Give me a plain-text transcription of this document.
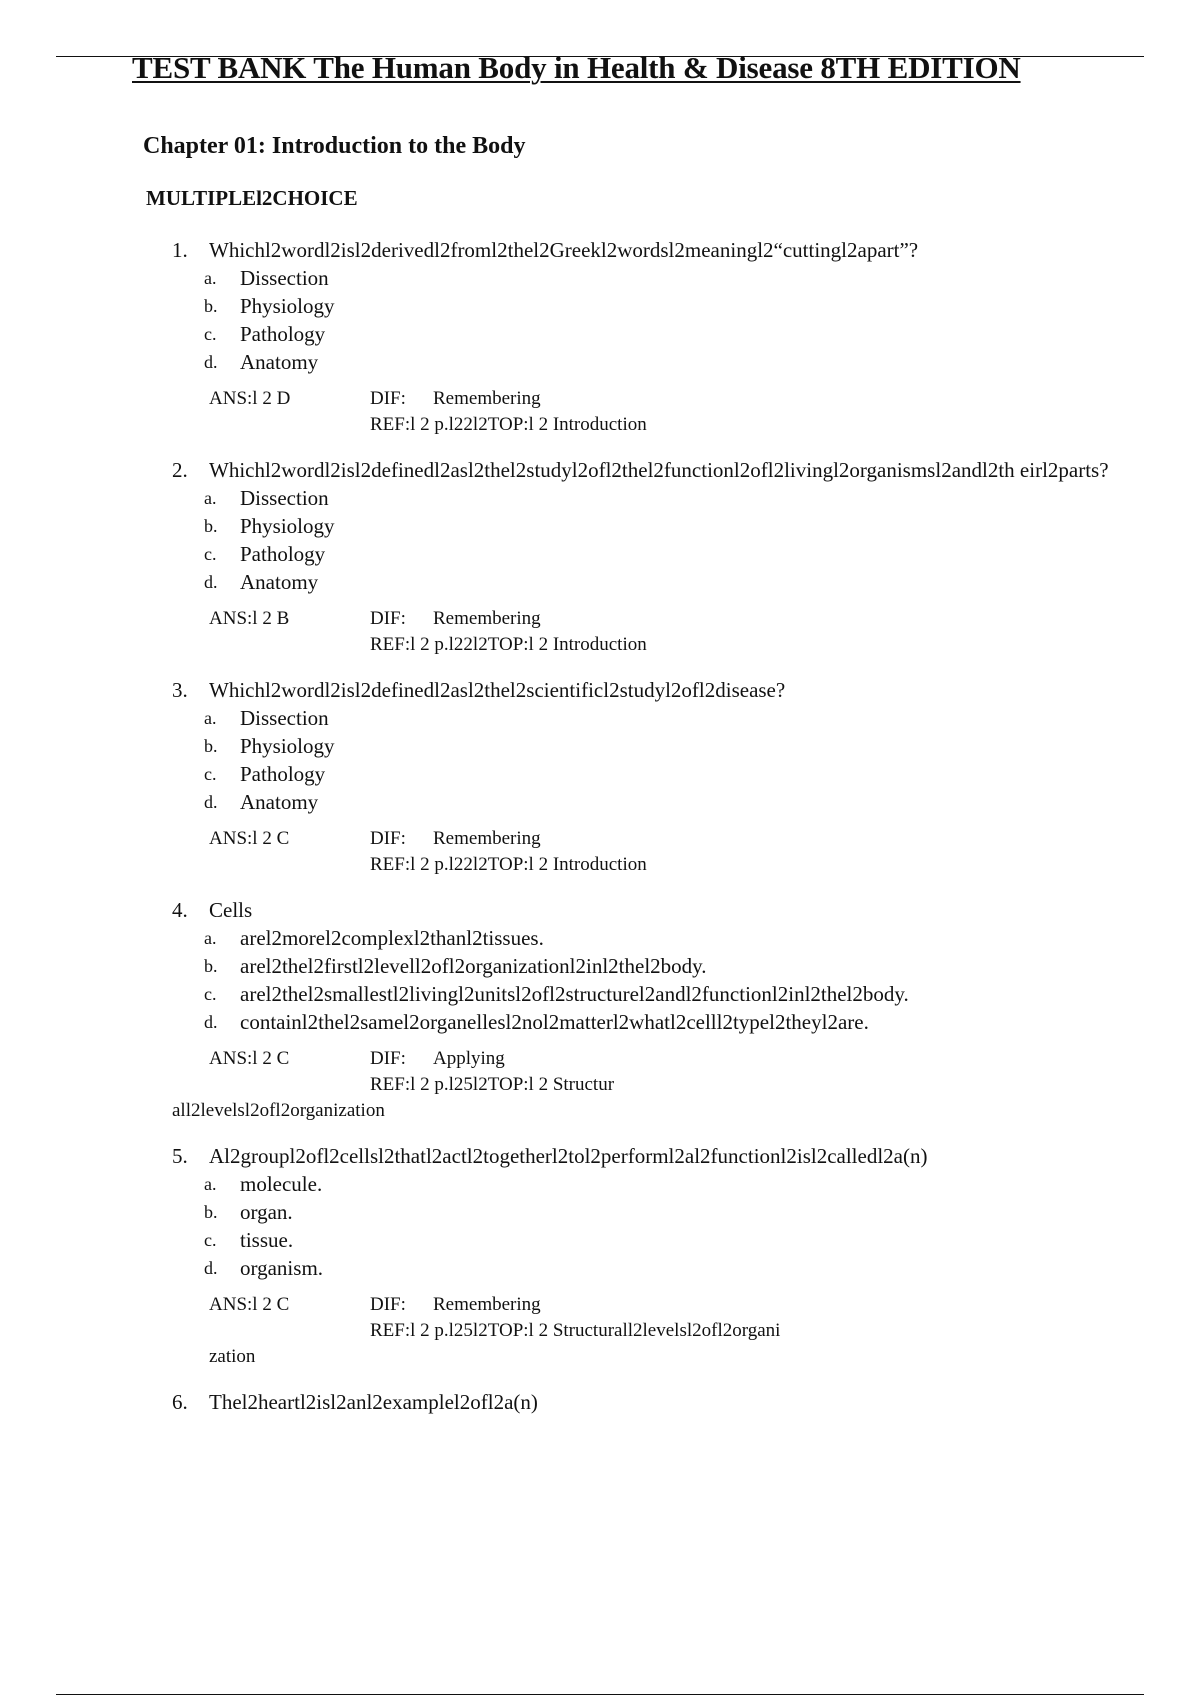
TEST BANK The Human Body in Health & Disease 8TH EDITION
Chapter 01: Introduction to the Body
MULTIPLEl2CHOICE
1.	Whichl2wordl2isl2derivedl2froml2thel2Greekl2wordsl2meaningl2“cuttingl2apart”?
a.	Dissection
b.	Physiology
c.	Pathology
d.	Anatomy
ANS:l 2 D	DIF:	Remembering
REF:l 2 p.l22l2TOP:l 2 Introduction
2.	Whichl2wordl2isl2definedl2asl2thel2studyl2ofl2thel2functionl2ofl2livingl2organismsl2andl2th eirl2parts?
a.	Dissection
b.	Physiology
c.	Pathology
d.	Anatomy
ANS:l 2 B	DIF:	Remembering
REF:l 2 p.l22l2TOP:l 2 Introduction
3.	Whichl2wordl2isl2definedl2asl2thel2scientificl2studyl2ofl2disease?
a.	Dissection
b.	Physiology
c.	Pathology
d.	Anatomy
ANS:l 2 C	DIF:	Remembering
REF:l 2 p.l22l2TOP:l 2 Introduction
4.	Cells
a.	arel2morel2complexl2thanl2tissues.
b.	arel2thel2firstl2levell2ofl2organizationl2inl2thel2body.
c.	arel2thel2smallestl2livingl2unitsl2ofl2structurel2andl2functionl2inl2thel2body.
d.	containl2thel2samel2organellesl2nol2matterl2whatl2celll2typel2theyl2are.
ANS:l 2 C	DIF:	Applying
REF:l 2 p.l25l2TOP:l 2 Structur
all2levelsl2ofl2organization
5.	Al2groupl2ofl2cellsl2thatl2actl2togetherl2tol2performl2al2functionl2isl2calledl2a(n)
a.	molecule.
b.	organ.
c.	tissue.
d.	organism.
ANS:l 2 C	DIF:	Remembering
REF:l 2 p.l25l2TOP:l 2 Structurall2levelsl2ofl2organi
zation
6.	Thel2heartl2isl2anl2examplel2ofl2a(n)
